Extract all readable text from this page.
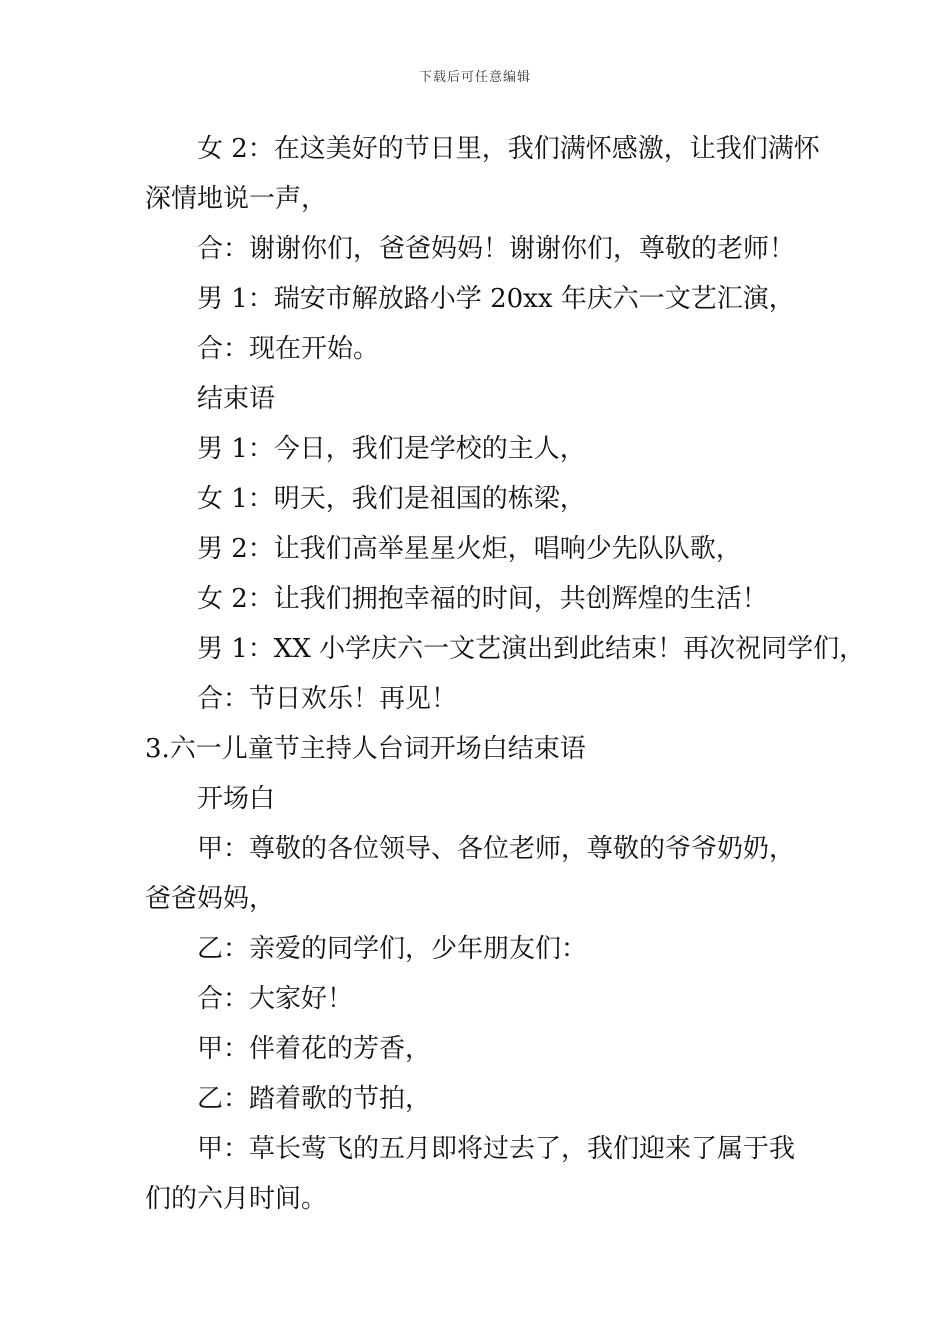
下载后可任意编辑
女 2：在这美好的节日里，我们满怀感激，让我们满怀
深情地说一声，
合：谢谢你们，爸爸妈妈！谢谢你们，尊敬的老师！
男 1：瑞安市解放路小学 20xx 年庆六一文艺汇演，
合：现在开始。
结束语
男 1：今日，我们是学校的主人，
女 1：明天，我们是祖国的栋梁，
男 2：让我们高举星星火炬，唱响少先队队歌，
女 2：让我们拥抱幸福的时间，共创辉煌的生活！
男 1：XX 小学庆六一文艺演出到此结束！再次祝同学们，
合：节日欢乐！再见！
3.六一儿童节主持人台词开场白结束语
开场白
甲：尊敬的各位领导、各位老师，尊敬的爷爷奶奶，
爸爸妈妈，
乙：亲爱的同学们，少年朋友们：
合：大家好！
甲：伴着花的芳香，
乙：踏着歌的节拍，
甲：草长莺飞的五月即将过去了，我们迎来了属于我
们的六月时间。
